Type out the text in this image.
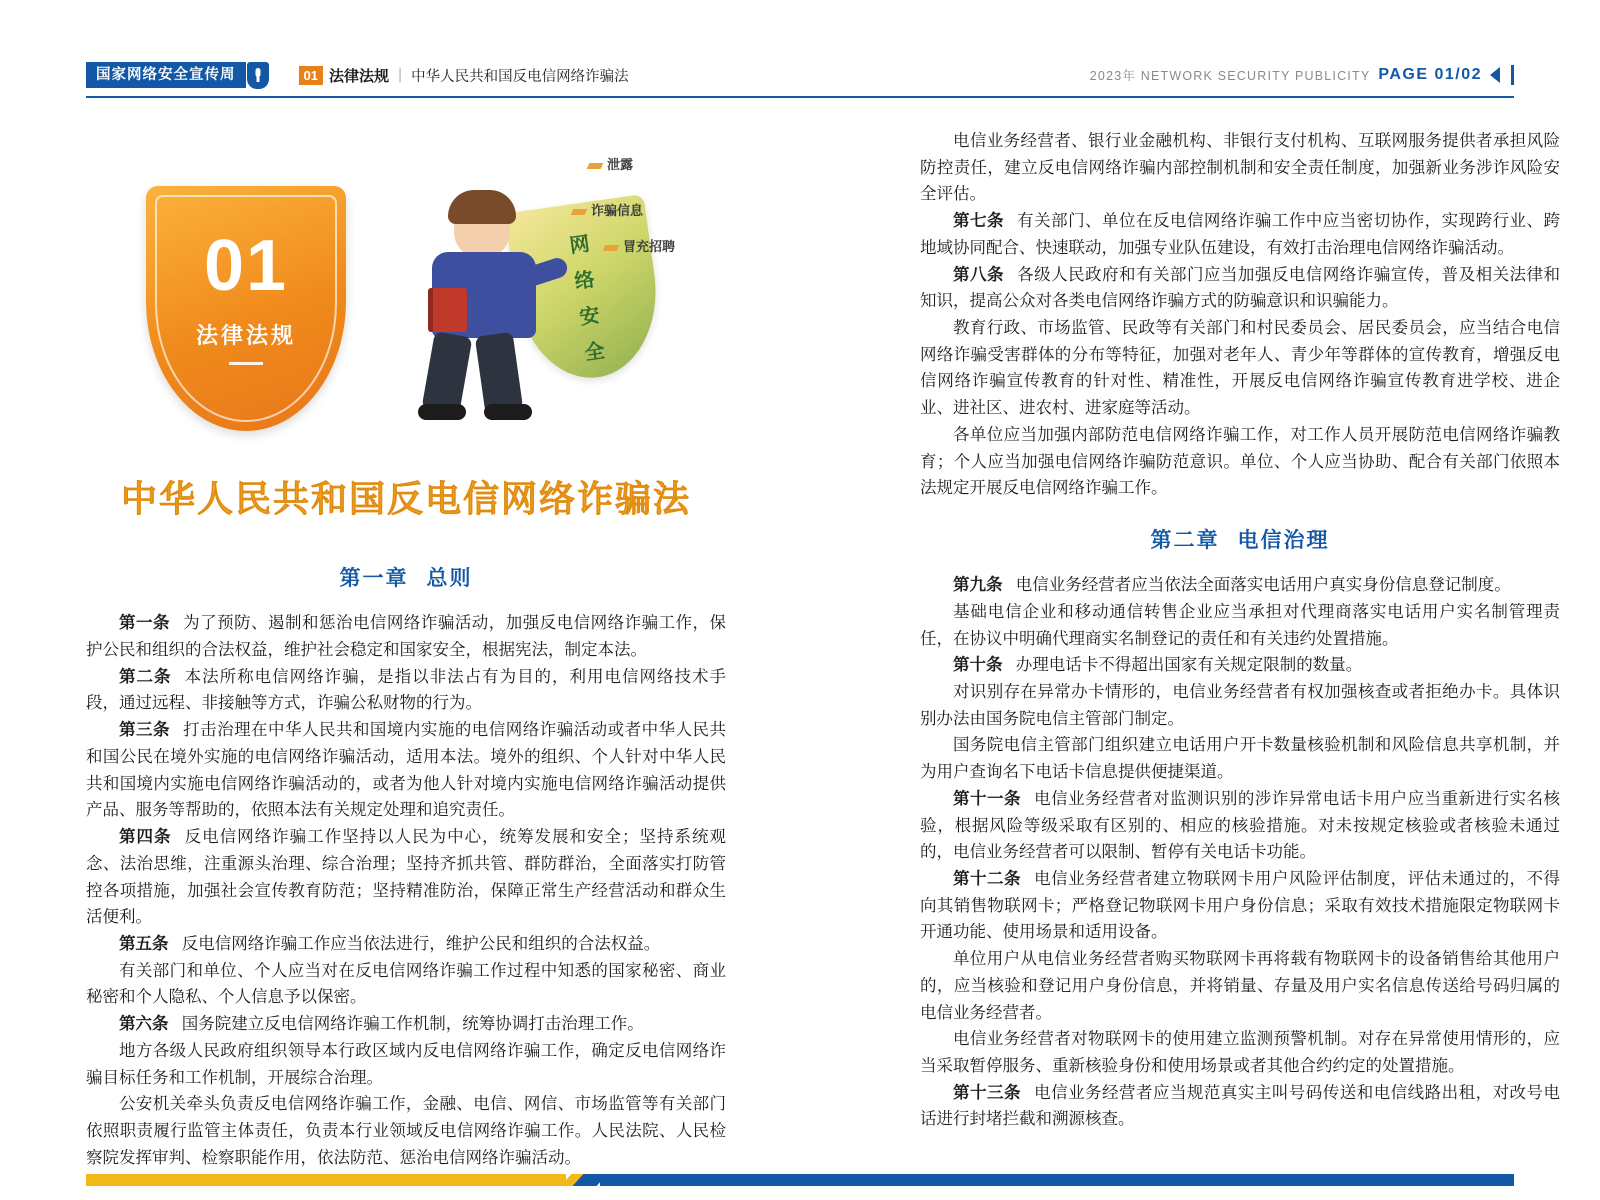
国家网络安全宣传周	01 法律法规 | 中华人民共和国反电信网络诈骗法	2023年 NETWORK SECURITY PUBLICITY PAGE 01/02
01
法律法规
网
络
安
全
泄露
诈骗信息
冒充招聘
中华人民共和国反电信网络诈骗法
第一章 总则

第一条 为了预防、遏制和惩治电信网络诈骗活动，加强反电信网络诈骗工作，保护公民和组织的合法权益，维护社会稳定和国家安全，根据宪法，制定本法。

第二条 本法所称电信网络诈骗，是指以非法占有为目的，利用电信网络技术手段，通过远程、非接触等方式，诈骗公私财物的行为。

第三条 打击治理在中华人民共和国境内实施的电信网络诈骗活动或者中华人民共和国公民在境外实施的电信网络诈骗活动，适用本法。境外的组织、个人针对中华人民共和国境内实施电信网络诈骗活动的，或者为他人针对境内实施电信网络诈骗活动提供产品、服务等帮助的，依照本法有关规定处理和追究责任。

第四条 反电信网络诈骗工作坚持以人民为中心，统筹发展和安全；坚持系统观念、法治思维，注重源头治理、综合治理；坚持齐抓共管、群防群治，全面落实打防管控各项措施，加强社会宣传教育防范；坚持精准防治，保障正常生产经营活动和群众生活便利。

第五条 反电信网络诈骗工作应当依法进行，维护公民和组织的合法权益。

有关部门和单位、个人应当对在反电信网络诈骗工作过程中知悉的国家秘密、商业秘密和个人隐私、个人信息予以保密。

第六条 国务院建立反电信网络诈骗工作机制，统筹协调打击治理工作。

地方各级人民政府组织领导本行政区域内反电信网络诈骗工作，确定反电信网络诈骗目标任务和工作机制，开展综合治理。

公安机关牵头负责反电信网络诈骗工作，金融、电信、网信、市场监管等有关部门依照职责履行监管主体责任，负责本行业领域反电信网络诈骗工作。人民法院、人民检察院发挥审判、检察职能作用，依法防范、惩治电信网络诈骗活动。

电信业务经营者、银行业金融机构、非银行支付机构、互联网服务提供者承担风险防控责任，建立反电信网络诈骗内部控制机制和安全责任制度，加强新业务涉诈风险安全评估。

第七条 有关部门、单位在反电信网络诈骗工作中应当密切协作，实现跨行业、跨地域协同配合、快速联动，加强专业队伍建设，有效打击治理电信网络诈骗活动。

第八条 各级人民政府和有关部门应当加强反电信网络诈骗宣传，普及相关法律和知识，提高公众对各类电信网络诈骗方式的防骗意识和识骗能力。

教育行政、市场监管、民政等有关部门和村民委员会、居民委员会，应当结合电信网络诈骗受害群体的分布等特征，加强对老年人、青少年等群体的宣传教育，增强反电信网络诈骗宣传教育的针对性、精准性，开展反电信网络诈骗宣传教育进学校、进企业、进社区、进农村、进家庭等活动。

各单位应当加强内部防范电信网络诈骗工作，对工作人员开展防范电信网络诈骗教育；个人应当加强电信网络诈骗防范意识。单位、个人应当协助、配合有关部门依照本法规定开展反电信网络诈骗工作。

第二章 电信治理

第九条 电信业务经营者应当依法全面落实电话用户真实身份信息登记制度。

基础电信企业和移动通信转售企业应当承担对代理商落实电话用户实名制管理责任，在协议中明确代理商实名制登记的责任和有关违约处置措施。

第十条 办理电话卡不得超出国家有关规定限制的数量。

对识别存在异常办卡情形的，电信业务经营者有权加强核查或者拒绝办卡。具体识别办法由国务院电信主管部门制定。

国务院电信主管部门组织建立电话用户开卡数量核验机制和风险信息共享机制，并为用户查询名下电话卡信息提供便捷渠道。

第十一条 电信业务经营者对监测识别的涉诈异常电话卡用户应当重新进行实名核验，根据风险等级采取有区别的、相应的核验措施。对未按规定核验或者核验未通过的，电信业务经营者可以限制、暂停有关电话卡功能。

第十二条 电信业务经营者建立物联网卡用户风险评估制度，评估未通过的，不得向其销售物联网卡；严格登记物联网卡用户身份信息；采取有效技术措施限定物联网卡开通功能、使用场景和适用设备。

单位用户从电信业务经营者购买物联网卡再将载有物联网卡的设备销售给其他用户的，应当核验和登记用户身份信息，并将销量、存量及用户实名信息传送给号码归属的电信业务经营者。

电信业务经营者对物联网卡的使用建立监测预警机制。对存在异常使用情形的，应当采取暂停服务、重新核验身份和使用场景或者其他合约约定的处置措施。

第十三条 电信业务经营者应当规范真实主叫号码传送和电信线路出租，对改号电话进行封堵拦截和溯源核查。
